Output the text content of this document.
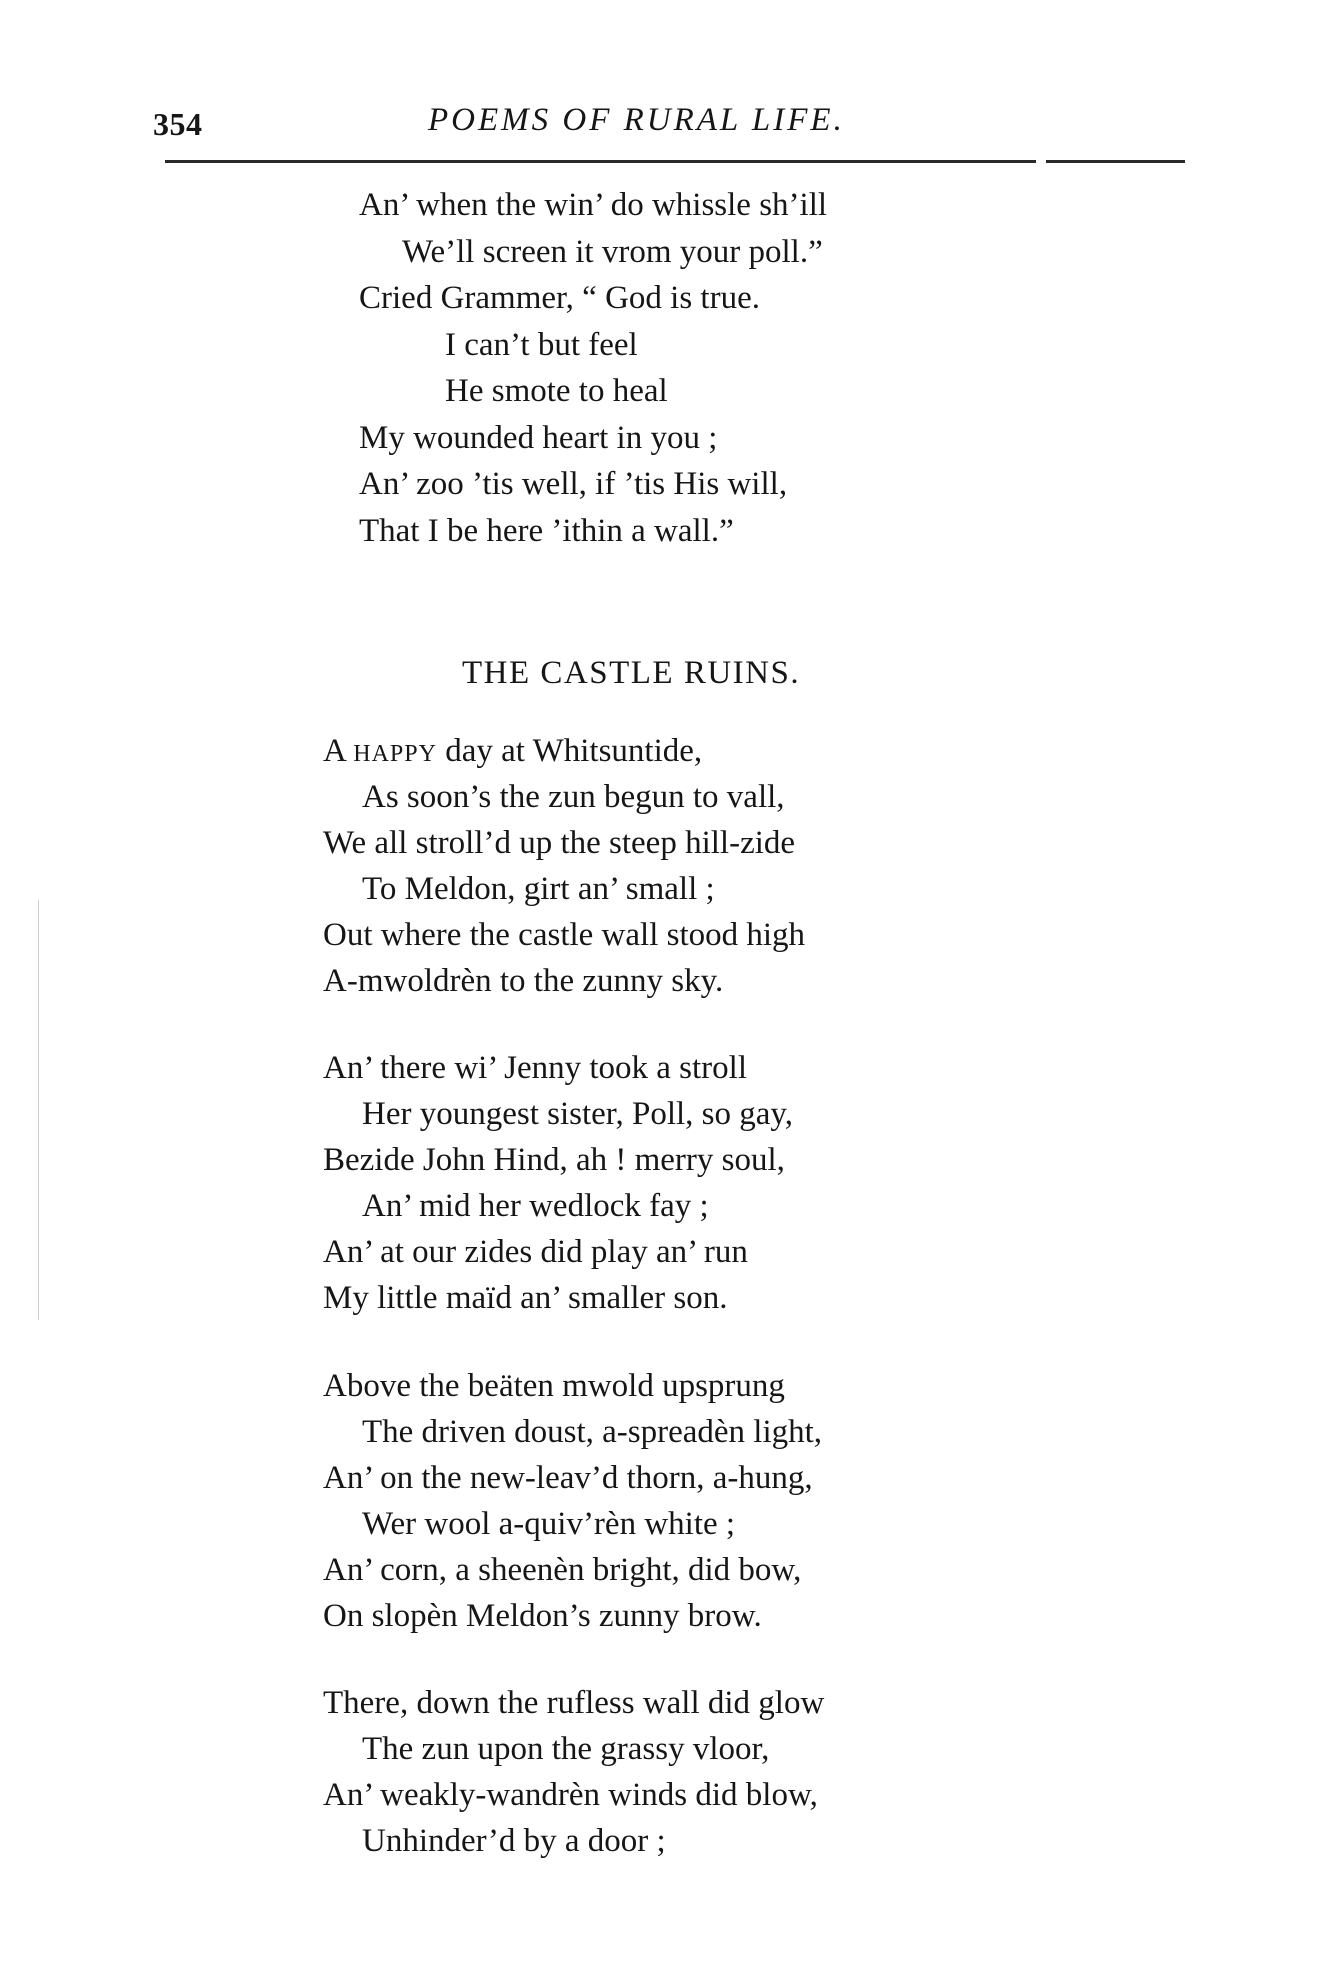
354	POEMS OF RURAL LIFE.
An’ when the win’ do whissle sh’ill
We’ll screen it vrom your poll.”
Cried Grammer, “ God is true.
I can’t but feel
He smote to heal
My wounded heart in you ;
An’ zoo ’tis well, if ’tis His will,
That I be here ’ithin a wall.”
THE CASTLE RUINS.
A HAPPY day at Whitsuntide,
As soon’s the zun begun to vall,
We all stroll’d up the steep hill-zide
To Meldon, girt an’ small ;
Out where the castle wall stood high
A-mwoldrèn to the zunny sky.
An’ there wi’ Jenny took a stroll
Her youngest sister, Poll, so gay,
Bezide John Hind, ah ! merry soul,
An’ mid her wedlock fay ;
An’ at our zides did play an’ run
My little maïd an’ smaller son.
Above the beäten mwold upsprung
The driven doust, a-spreadèn light,
An’ on the new-leav’d thorn, a-hung,
Wer wool a-quiv’rèn white ;
An’ corn, a sheenèn bright, did bow,
On slopèn Meldon’s zunny brow.
There, down the rufless wall did glow
The zun upon the grassy vloor,
An’ weakly-wandrèn winds did blow,
Unhinder’d by a door ;
